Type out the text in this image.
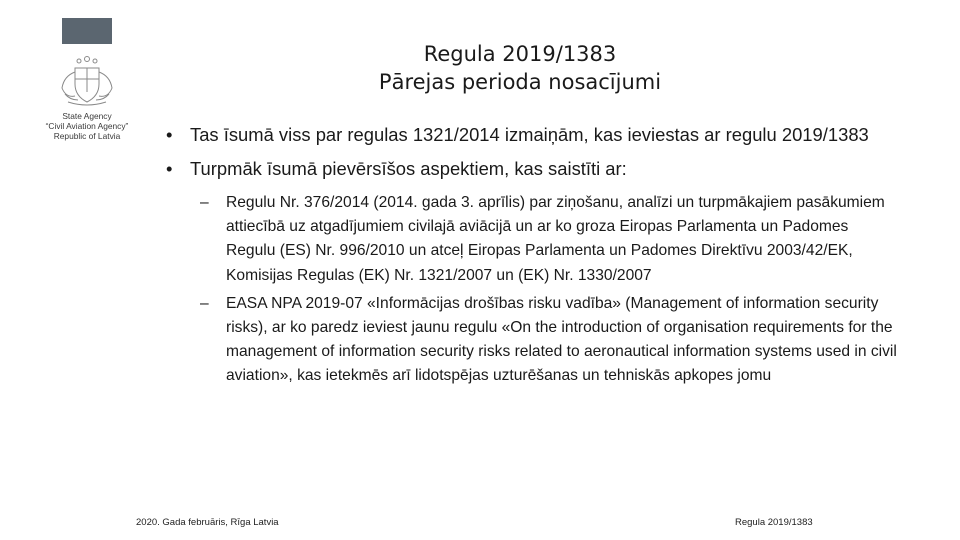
State Agency
“Civil Aviation Agency”
Republic of Latvia
Regula 2019/1383
Pārejas perioda nosacījumi
• Tas īsumā viss par regulas 1321/2014 izmaiņām, kas ieviestas ar regulu 2019/1383
• Turpmāk īsumā pievērsīšos aspektiem, kas saistīti ar:
– Regulu Nr. 376/2014 (2014. gada 3. aprīlis) par ziņošanu, analīzi un turpmākajiem pasākumiem attiecībā uz atgadījumiem civilajā aviācijā un ar ko groza Eiropas Parlamenta un Padomes Regulu (ES) Nr. 996/2010 un atceļ Eiropas Parlamenta un Padomes Direktīvu 2003/42/EK, Komisijas Regulas (EK) Nr. 1321/2007 un (EK) Nr. 1330/2007
– EASA NPA 2019-07 «Informācijas drošības risku vadība» (Management of information security risks), ar ko paredz ieviest jaunu regulu «On the introduction of organisation requirements for the management of information security risks related to aeronautical information systems used in civil aviation», kas ietekmēs arī lidotspējas uzturēšanas un tehniskās apkopes jomu
2020. Gada februāris, Rīga Latvia	Regula 2019/1383
